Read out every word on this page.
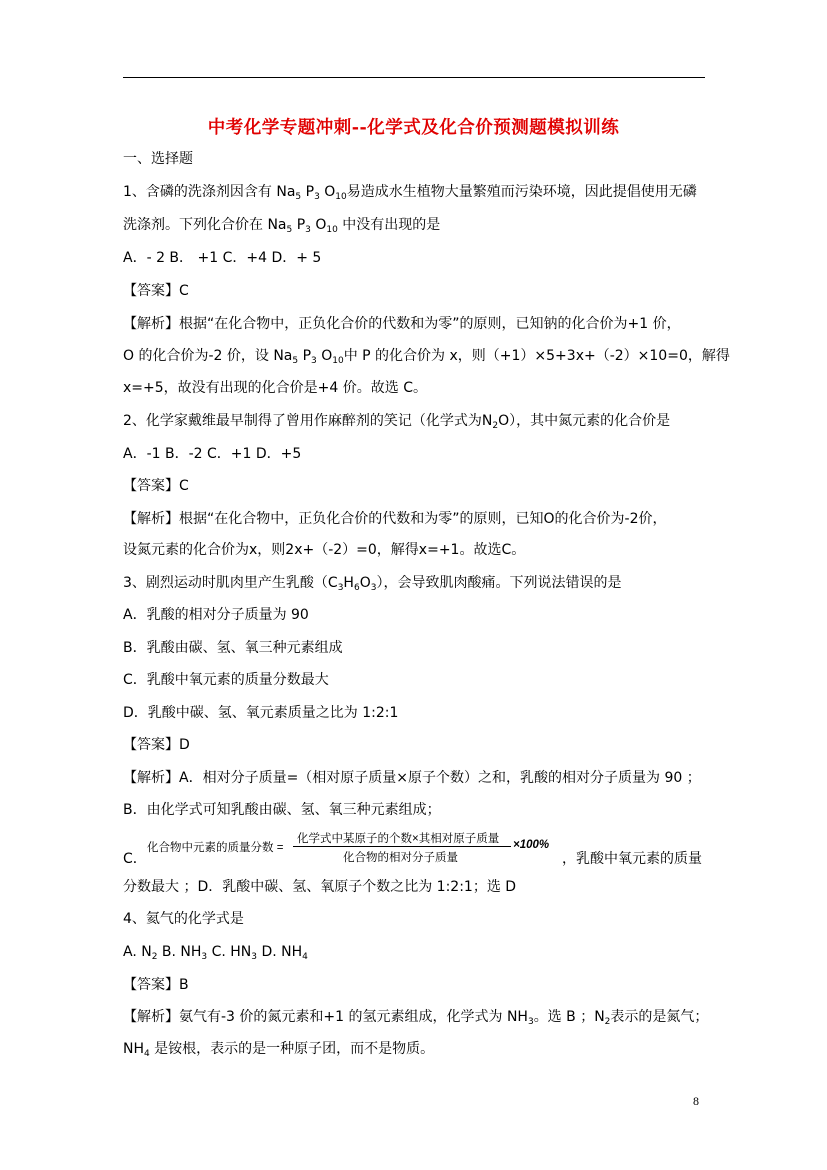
中考化学专题冲刺--化学式及化合价预测题模拟训练
一、选择题
1、含磷的洗涤剂因含有 $Na_5$ $P_3$ $O_{10}$易造成水生植物大量繁殖而污染环境，因此提倡使用无磷
洗涤剂。下列化合价在 $Na_5$ $P_3$ $O_{10}$ 中没有出现的是
A．- 2 B． +1 C．+4 D．+ 5
【答案】C
【解析】根据“在化合物中，正负化合价的代数和为零”的原则，已知钠的化合价为+1 价，
O 的化合价为-2 价，设 $Na_5$ $P_3$ $O_{10}$中 P 的化合价为 x，则（+1）×5+3x+（-2）×10=0，解得
x=+5，故没有出现的化合价是+4 价。故选 C。
2、化学家戴维最早制得了曾用作麻醉剂的笑记（化学式为$N_2O$），其中氮元素的化合价是
A．-1 B．-2 C．+1 D．+5
【答案】C
【解析】根据“在化合物中，正负化合价的代数和为零”的原则，已知O的化合价为-2价，
设氮元素的化合价为x，则2x+（-2）=0，解得x=+1。故选C。
3、剧烈运动时肌肉里产生乳酸$(C_3H_6O_3)$，会导致肌肉酸痛。下列说法错误的是
A．乳酸的相对分子质量为 90
B．乳酸由碳、氢、氧三种元素组成
C．乳酸中氧元素的质量分数最大
D．乳酸中碳、氢、氧元素质量之比为 1:2:1
【答案】D
【解析】A．相对分子质量=（相对原子质量×原子个数）之和，乳酸的相对分子质量为 90 ；
B．由化学式可知乳酸由碳、氢、氧三种元素组成；
化合物中元素的质量分数 =
化学式中某原子的个数×其相对原子质量
化合物的相对分子质量
×100%
C．	，乳酸中氧元素的质量
分数最大 ；D．乳酸中碳、氢、氧原子个数之比为 1:2:1；选 D
4、氦气的化学式是
A. $N_2$ B. $NH_3$ C. $HN_3$ D. $NH_4$
【答案】B
【解析】氨气有-3 价的氮元素和+1 的氢元素组成，化学式为 $NH_3$。选 B ；$N_2$表示的是氮气；
$NH_4$ 是铵根，表示的是一种原子团，而不是物质。
8
